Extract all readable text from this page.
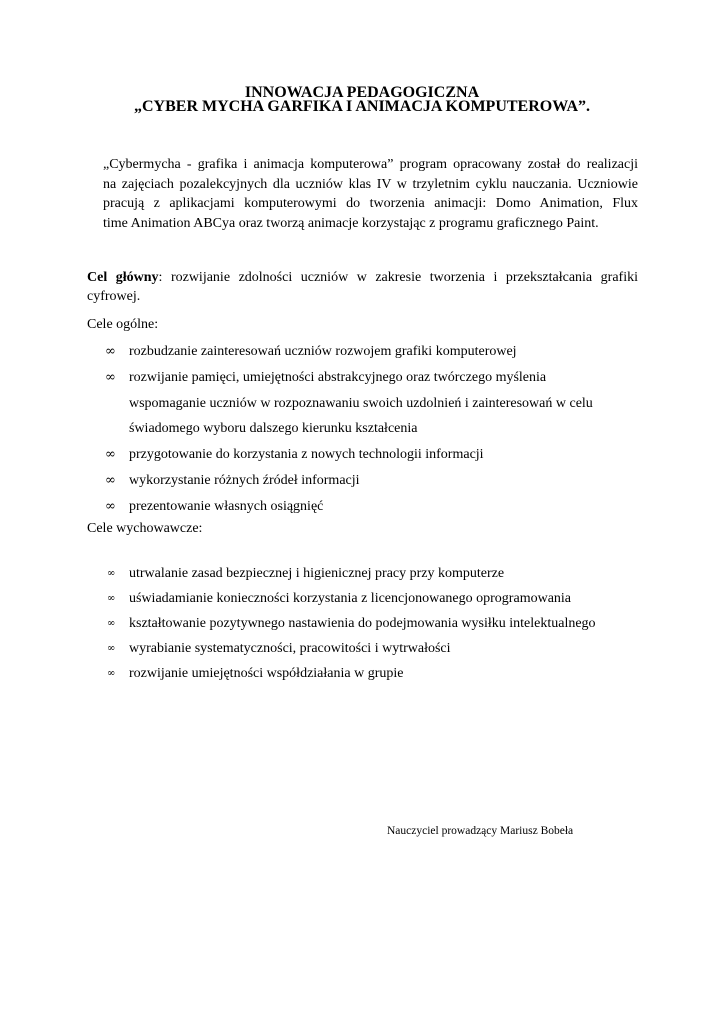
INNOWACJA PEDAGOGICZNA
„CYBER MYCHA GARFIKA I ANIMACJA KOMPUTEROWA”.
„Cybermycha - grafika i animacja komputerowa” program opracowany został do realizacji
na zajęciach pozalekcyjnych dla uczniów klas IV w trzyletnim cyklu nauczania. Uczniowie
pracują z aplikacjami komputerowymi do tworzenia animacji: Domo Animation, Flux
time Animation ABCya oraz tworzą animacje korzystając z programu graficznego Paint.
Cel główny: rozwijanie zdolności uczniów w zakresie tworzenia i przekształcania grafiki
cyfrowej.
Cele ogólne:
∞ rozbudzanie zainteresowań uczniów rozwojem grafiki komputerowej
∞ rozwijanie pamięci, umiejętności abstrakcyjnego oraz twórczego myślenia
wspomaganie uczniów w rozpoznawaniu swoich uzdolnień i zainteresowań w celu
świadomego wyboru dalszego kierunku kształcenia
∞ przygotowanie do korzystania z nowych technologii informacji
∞ wykorzystanie różnych źródeł informacji
∞ prezentowanie własnych osiągnięć
Cele wychowawcze:
∞ utrwalanie zasad bezpiecznej i higienicznej pracy przy komputerze
∞ uświadamianie konieczności korzystania z licencjonowanego oprogramowania
∞ kształtowanie pozytywnego nastawienia do podejmowania wysiłku intelektualnego
∞ wyrabianie systematyczności, pracowitości i wytrwałości
∞ rozwijanie umiejętności współdziałania w grupie
Nauczyciel prowadzący Mariusz Bobeła
